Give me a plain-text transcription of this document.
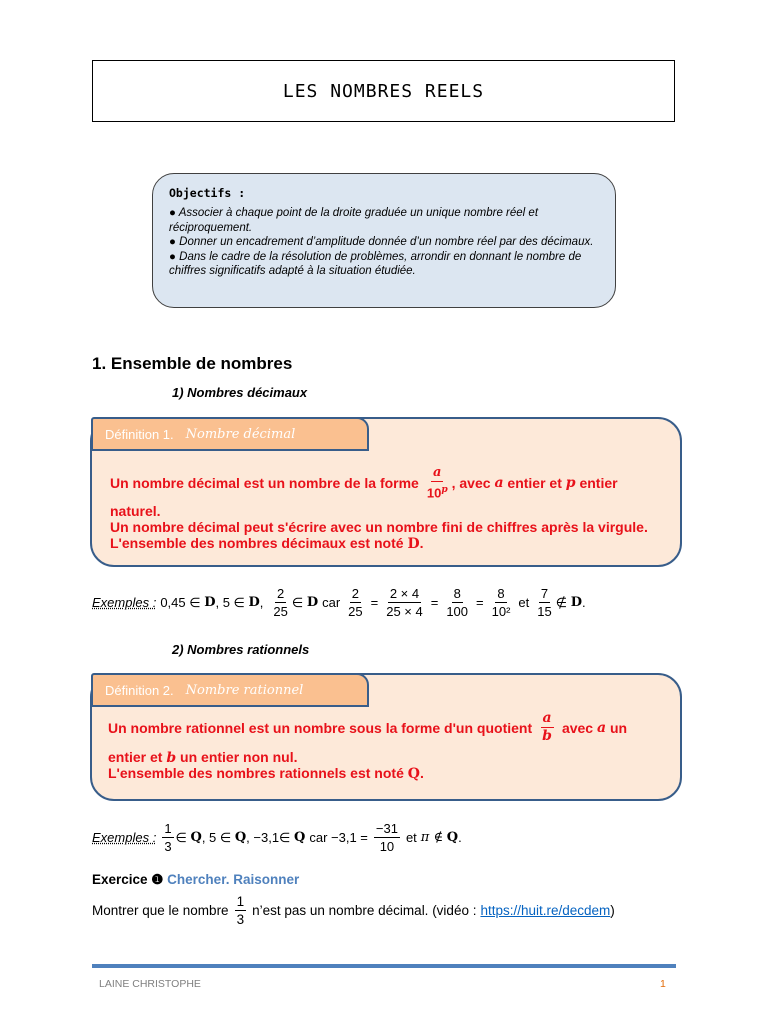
LES NOMBRES REELS
Objectifs :
● Associer à chaque point de la droite graduée un unique nombre réel et réciproquement.
● Donner un encadrement d’amplitude donnée d’un nombre réel par des décimaux.
● Dans le cadre de la résolution de problèmes, arrondir en donnant le nombre de chiffres significatifs adapté à la situation étudiée.
1. Ensemble de nombres
1) Nombres décimaux
Définition 1. Nombre décimal
Un nombre décimal est un nombre de la forme $\frac{a}{10^p}$ , avec
a
entier et
p
entier
naturel.
Un nombre décimal peut s'écrire avec un nombre fini de chiffres après la virgule.
L'ensemble des nombres décimaux est noté D.
Exemples : 0,45 ∈
D , 5 ∈
D , $\frac{2}{25}$ ∈
D car $\frac{2}{25} = \frac{2 \times 4}{25 \times 4} = \frac{8}{100} = \frac{8}{\text{10²}}$ et $\frac{7}{15}$ ∉
D .
2) Nombres rationnels
Définition 2. Nombre rationnel
Un nombre rationnel est un nombre sous la forme d'un quotient $\frac{a}{b}$ avec
a
un
entier et b un entier non nul.
L'ensemble des nombres rationnels est noté Q.
Exemples : $\frac{1}{3}$ ∈
Q , 5 ∈
Q , −3,1∈
Q car $-3,1 = \frac{-31}{10}$ et π ∉
Q .
Exercice ❶ Chercher. Raisonner
Montrer que le nombre $\frac{1}{3}$ n’est pas un nombre décimal. (vidéo : https://huit.re/decdem )
LAINE CHRISTOPHE	1
